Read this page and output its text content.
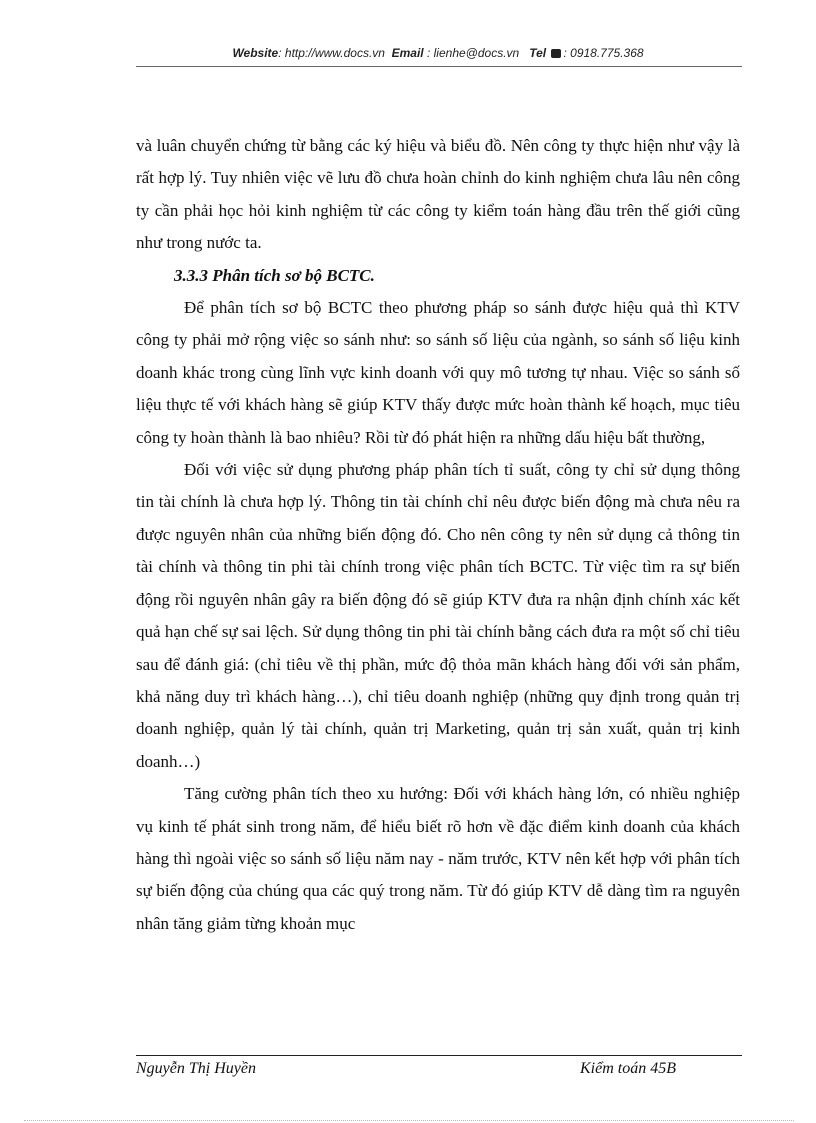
Website: http://www.docs.vn Email : lienhe@docs.vn Tel : 0918.775.368

và luân chuyển chứng từ bằng các ký hiệu và biểu đồ. Nên công ty thực hiện như vậy là rất hợp lý. Tuy nhiên việc vẽ lưu đồ chưa hoàn chỉnh do kinh nghiệm chưa lâu nên công ty cần phải học hỏi kinh nghiệm từ các công ty kiểm toán hàng đầu trên thế giới cũng như trong nước ta.

3.3.3 Phân tích sơ bộ BCTC.

Để phân tích sơ bộ BCTC theo phương pháp so sánh được hiệu quả thì KTV công ty phải mở rộng việc so sánh như: so sánh số liệu của ngành, so sánh số liệu kinh doanh khác trong cùng lĩnh vực kinh doanh với quy mô tương tự nhau. Việc so sánh số liệu thực tế với khách hàng sẽ giúp KTV thấy được mức hoàn thành kế hoạch, mục tiêu công ty hoàn thành là bao nhiêu? Rồi từ đó phát hiện ra những dấu hiệu bất thường,

Đối với việc sử dụng phương pháp phân tích tỉ suất, công ty chỉ sử dụng thông tin tài chính là chưa hợp lý. Thông tin tài chính chỉ nêu được biến động mà chưa nêu ra được nguyên nhân của những biến động đó. Cho nên công ty nên sử dụng cả thông tin tài chính và thông tin phi tài chính trong việc phân tích BCTC. Từ việc tìm ra sự biến động rồi nguyên nhân gây ra biến động đó sẽ giúp KTV đưa ra nhận định chính xác kết quả hạn chế sự sai lệch. Sử dụng thông tin phi tài chính bằng cách đưa ra một số chỉ tiêu sau để đánh giá: (chỉ tiêu về thị phần, mức độ thỏa mãn khách hàng đối với sản phẩm, khả năng duy trì khách hàng…), chỉ tiêu doanh nghiệp (những quy định trong quản trị doanh nghiệp, quản lý tài chính, quản trị Marketing, quản trị sản xuất, quản trị kinh doanh…)

Tăng cường phân tích theo xu hướng: Đối với khách hàng lớn, có nhiều nghiệp vụ kinh tế phát sinh trong năm, để hiểu biết rõ hơn về đặc điểm kinh doanh của khách hàng thì ngoài việc so sánh số liệu năm nay - năm trước, KTV nên kết hợp với phân tích sự biến động của chúng qua các quý trong năm. Từ đó giúp KTV dễ dàng tìm ra nguyên nhân tăng giảm từng khoản mục

Nguyễn Thị Huyền	Kiểm toán 45B
